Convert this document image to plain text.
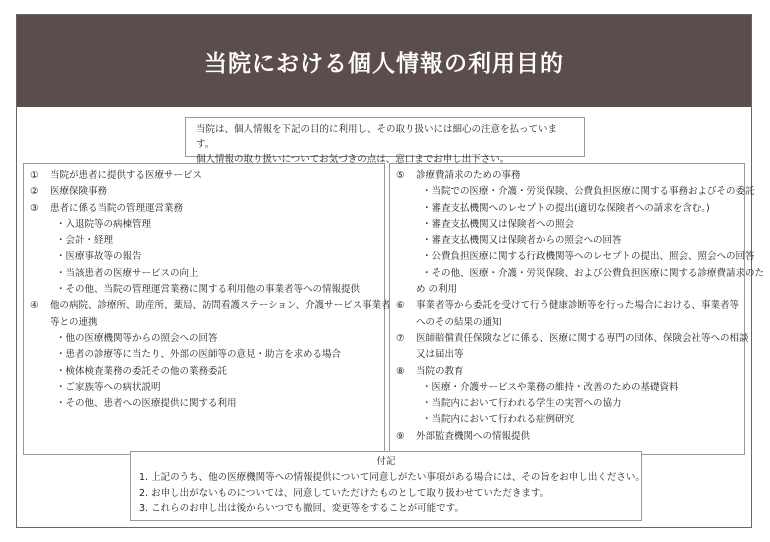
当院における個人情報の利用目的
当院は、個人情報を下記の目的に利用し、その取り扱いには細心の注意を払っています。
個人情報の取り扱いについてお気づきの点は、窓口までお申し出下さい。
①	当院が患者に提供する医療サービス
②	医療保険事務
③	患者に係る当院の管理運営業務
・入退院等の病棟管理
・会計・経理
・医療事故等の報告
・当該患者の医療サービスの向上
・その他、当院の管理運営業務に関する利用他の事業者等への情報提供
④	他の病院、診療所、助産所、薬局、訪問看護ステーション、介護サービス事業者
等との連携
・他の医療機関等からの照会への回答
・患者の診療等に当たり、外部の医師等の意見・助言を求める場合
・検体検査業務の委託その他の業務委託
・ご家族等への病状説明
・その他、患者への医療提供に関する利用
⑤	診療費請求のための事務
・当院での医療・介護・労災保険、公費負担医療に関する事務およびその委託
・審査支払機関へのレセプトの提出(適切な保険者への請求を含む。)
・審査支払機関又は保険者への照会
・審査支払機関又は保険者からの照会への回答
・公費負担医療に関する行政機関等へのレセプトの提出、照会、照会への回答
・その他、医療・介護・労災保険、および公費負担医療に関する診療費請求のた
め の利用
⑥	事業者等から委託を受けて行う健康診断等を行った場合における、事業者等
へのその結果の通知
⑦	医師賠償責任保険などに係る、医療に関する専門の団体、保険会社等への相談
又は届出等
⑧	当院の教育
・医療・介護サービスや業務の維持・改善のための基礎資料
・当院内において行われる学生の実習への協力
・当院内において行われる症例研究
⑨	外部監査機関への情報提供
付記
1. 上記のうち、他の医療機関等への情報提供について同意しがたい事項がある場合には、その旨をお申し出ください。
2. お申し出がないものについては、同意していただけたものとして取り扱わせていただきます。
3. これらのお申し出は後からいつでも撤回、変更等をすることが可能です。
